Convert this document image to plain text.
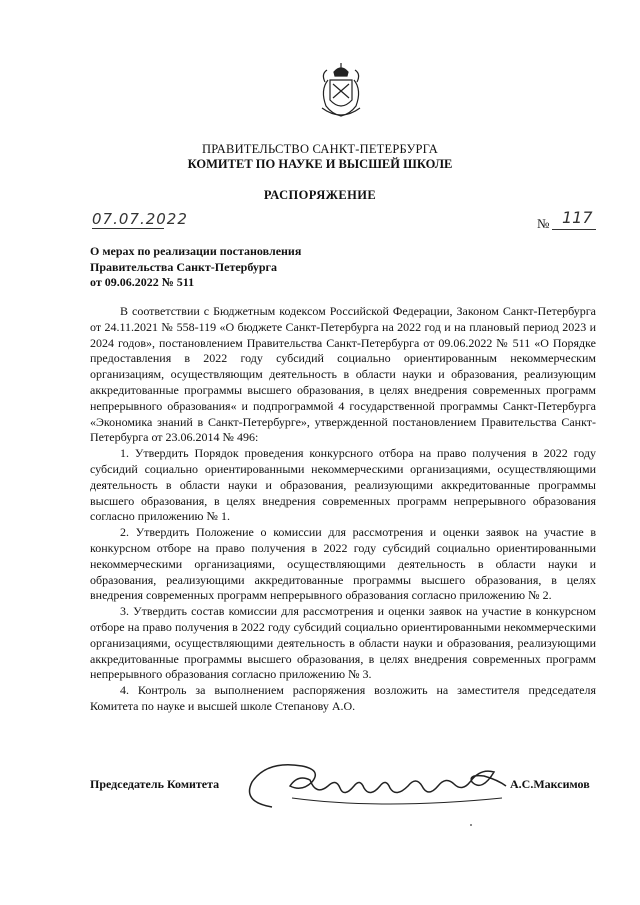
ПРАВИТЕЛЬСТВО САНКТ-ПЕТЕРБУРГА
КОМИТЕТ ПО НАУКЕ И ВЫСШЕЙ ШКОЛЕ
РАСПОРЯЖЕНИЕ
07.07.2022	№ 117
О мерах по реализации постановления
Правительства Санкт-Петербурга
от 09.06.2022 № 511

В соответствии с Бюджетным кодексом Российской Федерации, Законом Санкт-Петербурга от 24.11.2021 № 558-119 «О бюджете Санкт-Петербурга на 2022 год и на плановый период 2023 и 2024 годов», постановлением Правительства Санкт-Петербурга от 09.06.2022 № 511 «О Порядке предоставления в 2022 году субсидий социально ориентированным некоммерческим организациям, осуществляющим деятельность в области науки и образования, реализующим аккредитованные программы высшего образования, в целях внедрения современных программ непрерывного образования« и подпрограммой 4 государственной программы Санкт-Петербурга «Экономика знаний в Санкт-Петербурге», утвержденной постановлением Правительства Санкт-Петербурга от 23.06.2014 № 496:

1. Утвердить Порядок проведения конкурсного отбора на право получения в 2022 году субсидий социально ориентированными некоммерческими организациями, осуществляющими деятельность в области науки и образования, реализующими аккредитованные программы высшего образования, в целях внедрения современных программ непрерывного образования согласно приложению № 1.

2. Утвердить Положение о комиссии для рассмотрения и оценки заявок на участие в конкурсном отборе на право получения в 2022 году субсидий социально ориентированными некоммерческими организациями, осуществляющими деятельность в области науки и образования, реализующими аккредитованные программы высшего образования, в целях внедрения современных программ непрерывного образования согласно приложению № 2.

3. Утвердить состав комиссии для рассмотрения и оценки заявок на участие в конкурсном отборе на право получения в 2022 году субсидий социально ориентированными некоммерческими организациями, осуществляющими деятельность в области науки и образования, реализующими аккредитованные программы высшего образования, в целях внедрения современных программ непрерывного образования согласно приложению № 3.

4. Контроль за выполнением распоряжения возложить на заместителя председателя Комитета по науке и высшей школе Степанову А.О.

Председатель Комитета	А.С.Максимов
